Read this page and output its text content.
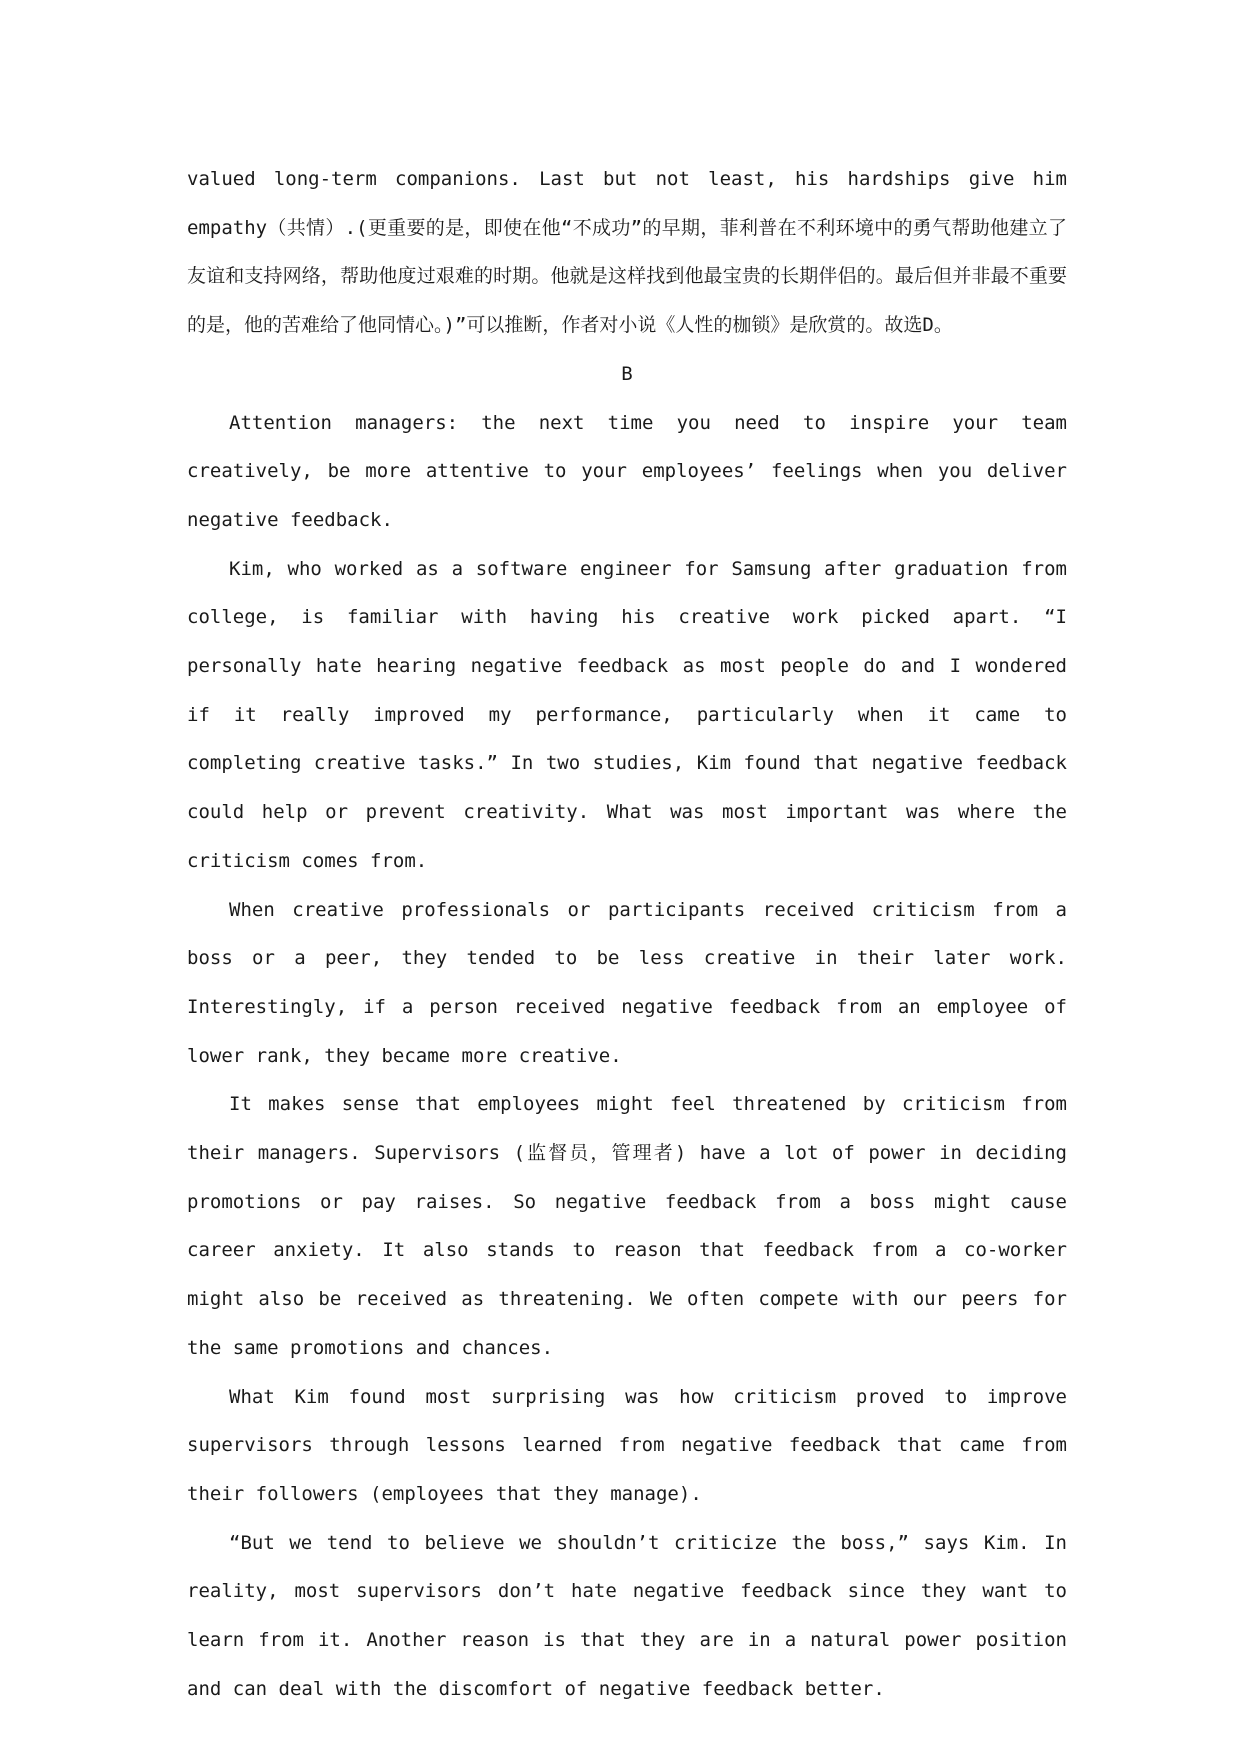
valued long-term companions. Last but not least, his hardships give him empathy（共情）.(更重要的是，即使在他“不成功”的早期，菲利普在不利环境中的勇气帮助他建立了友谊和支持网络，帮助他度过艰难的时期。他就是这样找到他最宝贵的长期伴侣的。最后但并非最不重要的是，他的苦难给了他同情心。)”可以推断，作者对小说《人性的枷锁》是欣赏的。故选D。

B

Attention managers: the next time you need to inspire your team creatively, be more attentive to your employees’ feelings when you deliver negative feedback.

Kim, who worked as a software engineer for Samsung after graduation from college, is familiar with having his creative work picked apart. “I personally hate hearing negative feedback as most people do and I wondered if it really improved my performance, particularly when it came to completing creative tasks.” In two studies, Kim found that negative feedback could help or prevent creativity. What was most important was where the criticism comes from.

When creative professionals or participants received criticism from a boss or a peer, they tended to be less creative in their later work. Interestingly, if a person received negative feedback from an employee of lower rank, they became more creative.

It makes sense that employees might feel threatened by criticism from their managers. Supervisors (监督员，管理者) have a lot of power in deciding promotions or pay raises. So negative feedback from a boss might cause career anxiety. It also stands to reason that feedback from a co-worker might also be received as threatening. We often compete with our peers for the same promotions and chances.

What Kim found most surprising was how criticism proved to improve supervisors through lessons learned from negative feedback that came from their followers (employees that they manage).

“But we tend to believe we shouldn’t criticize the boss,” says Kim. In reality, most supervisors don’t hate negative feedback since they want to learn from it. Another reason is that they are in a natural power position and can deal with the discomfort of negative feedback better.
